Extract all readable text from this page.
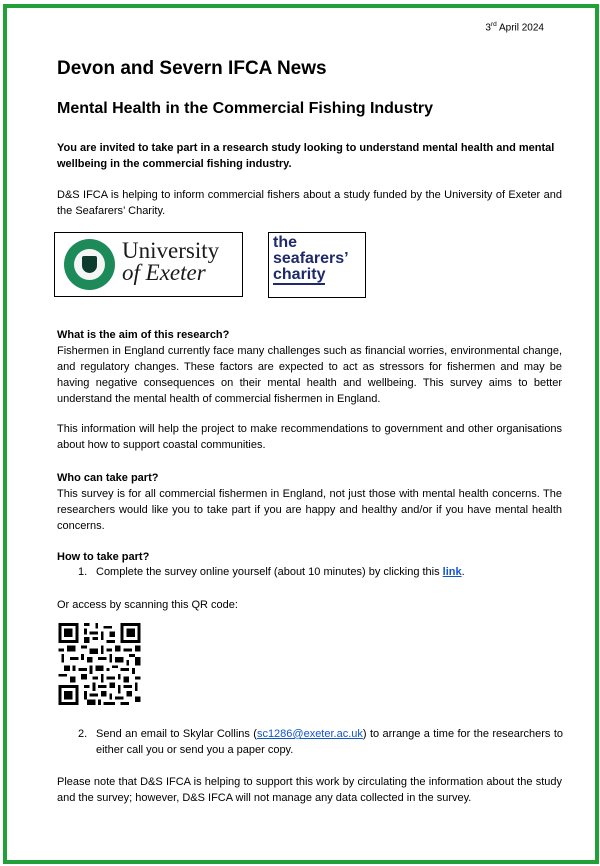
3rd April 2024
Devon and Severn IFCA News
Mental Health in the Commercial Fishing Industry
You are invited to take part in a research study looking to understand mental health and mental wellbeing in the commercial fishing industry.
D&S IFCA is helping to inform commercial fishers about a study funded by the University of Exeter and the Seafarers’ Charity.
University
of Exeter
the
seafarers’
charity
What is the aim of this research?
Fishermen in England currently face many challenges such as financial worries, environmental change, and regulatory changes. These factors are expected to act as stressors for fishermen and may be having negative consequences on their mental health and wellbeing. This survey aims to better understand the mental health of commercial fishermen in England.
This information will help the project to make recommendations to government and other organisations about how to support coastal communities.
Who can take part?
This survey is for all commercial fishermen in England, not just those with mental health concerns. The researchers would like you to take part if you are happy and healthy and/or if you have mental health concerns.
How to take part?
1. Complete the survey online yourself (about 10 minutes) by clicking this link.
Or access by scanning this QR code:
2. Send an email to Skylar Collins (sc1286@exeter.ac.uk) to arrange a time for the researchers to either call you or send you a paper copy.
Please note that D&S IFCA is helping to support this work by circulating the information about the study and the survey; however, D&S IFCA will not manage any data collected in the survey.
